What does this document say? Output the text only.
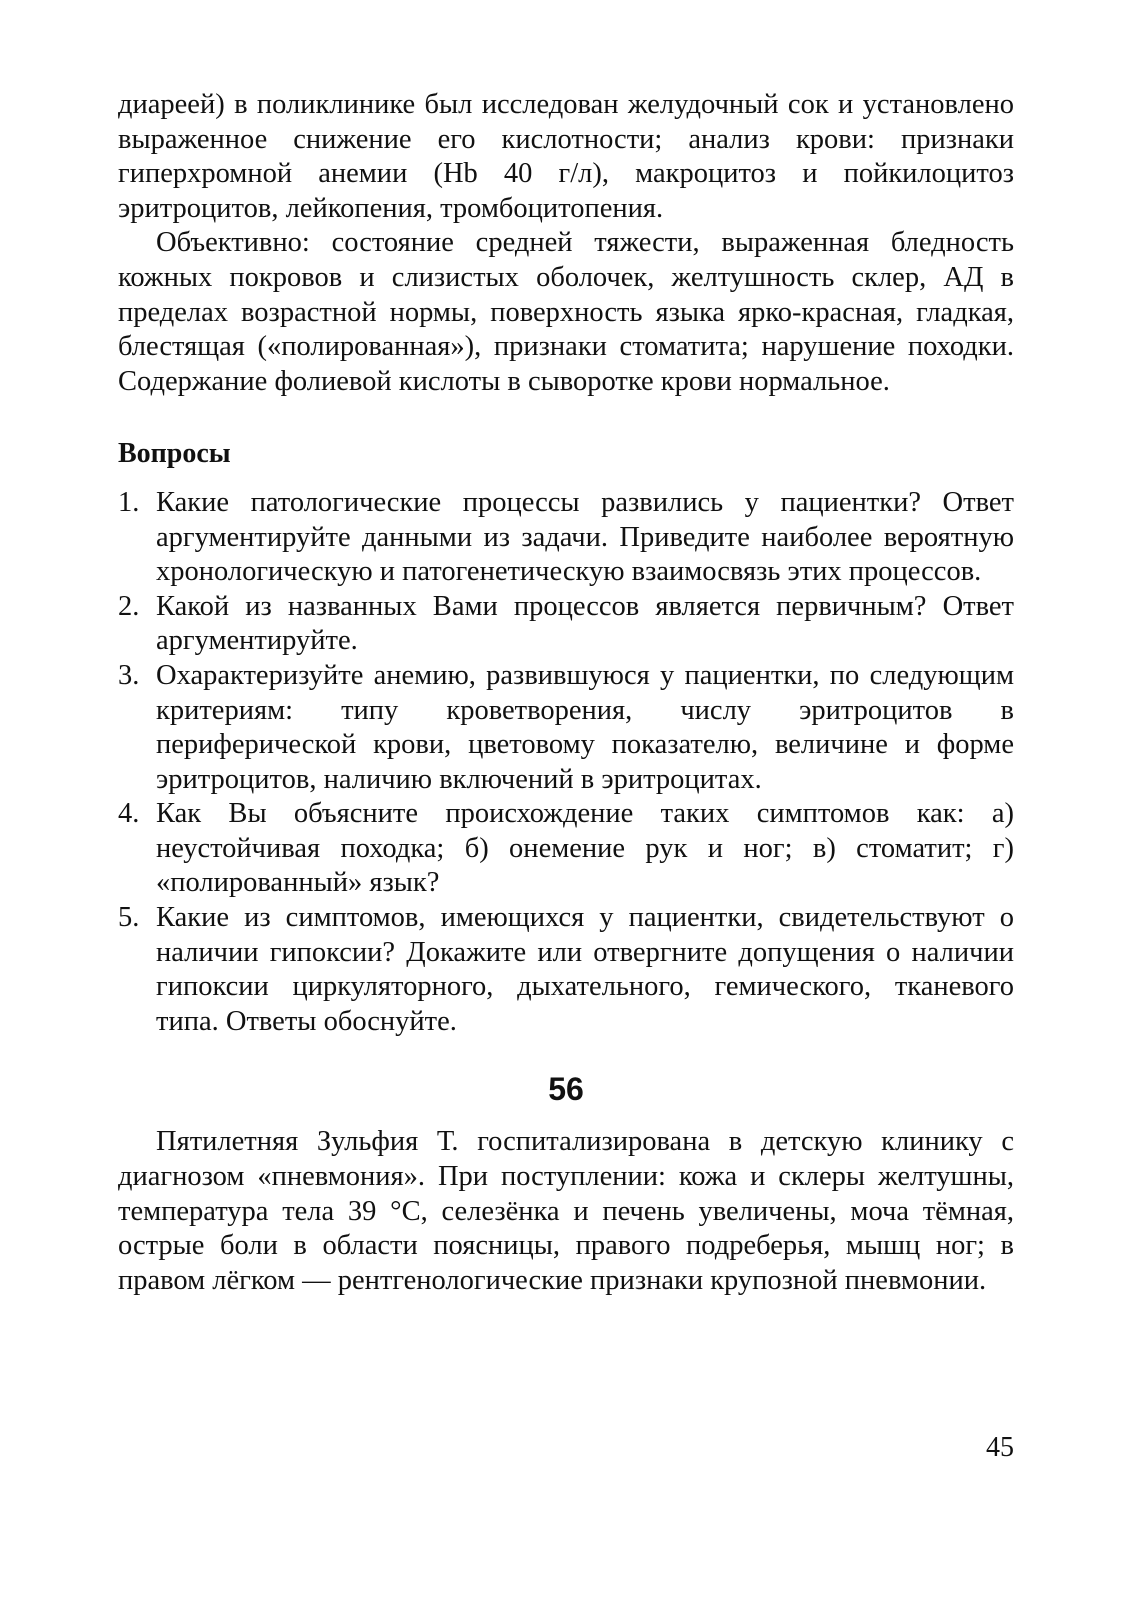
диареей) в поликлинике был исследован желудочный сок и установлено выраженное снижение его кислотности; анализ крови: признаки гиперхромной анемии (Hb 40 г/л), макроцитоз и пойкилоцитоз эритроцитов, лейкопения, тромбоцитопения.

Объективно: состояние средней тяжести, выраженная бледность кожных покровов и слизистых оболочек, желтушность склер, АД в пределах возрастной нормы, поверхность языка ярко-красная, гладкая, блестящая («полированная»), признаки стоматита; нарушение походки. Содержание фолиевой кислоты в сыворотке крови нормальное.

Вопросы
1. Какие патологические процессы развились у пациентки? Ответ аргументируйте данными из задачи. Приведите наиболее вероятную хронологическую и патогенетическую взаимосвязь этих процессов.
2. Какой из названных Вами процессов является первичным? Ответ аргументируйте.
3. Охарактеризуйте анемию, развившуюся у пациентки, по следующим критериям: типу кроветворения, числу эритроцитов в периферической крови, цветовому показателю, величине и форме эритроцитов, наличию включений в эритроцитах.
4. Как Вы объясните происхождение таких симптомов как: а) неустойчивая походка; б) онемение рук и ног; в) стоматит; г) «полированный» язык?
5. Какие из симптомов, имеющихся у пациентки, свидетельствуют о наличии гипоксии? Докажите или отвергните допущения о наличии гипоксии циркуляторного, дыхательного, гемического, тканевого типа. Ответы обоснуйте.
56

Пятилетняя Зульфия Т. госпитализирована в детскую клинику с диагнозом «пневмония». При поступлении: кожа и склеры желтушны, температура тела 39 °С, селезёнка и печень увеличены, моча тёмная, острые боли в области поясницы, правого подреберья, мышц ног; в правом лёгком — рентгенологические признаки крупозной пневмонии.

45
